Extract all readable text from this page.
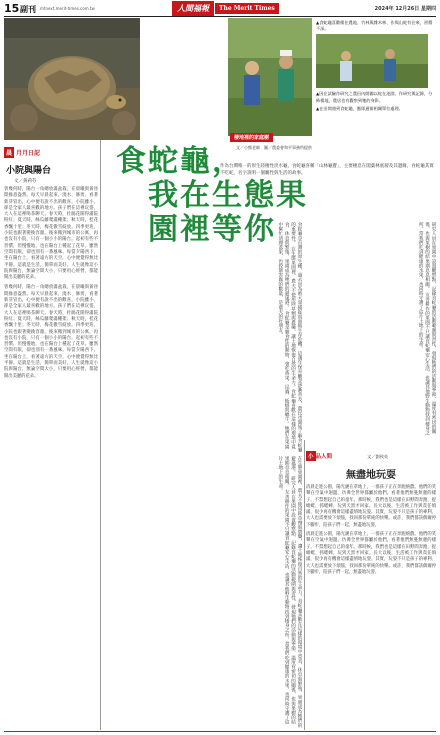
15 副刊 mtnext.merit-times.com.tw	人間福報	The Merit Times	2024年 12月26日 星期四
棲地裡的家庭樹
文／小熊老師　圖／農委會和平事務所提供

▲食蛇龜喜歡棲住農地、竹林與雜木林、作與山蛇有往來，習慣不深。

▲因在試驗作研究之農田內開闢以蛇在池園，作研究與記錄，分佈棲地，農居也有觀察到牠的身影。

▲在田間遇到食蛇龜，應即通報相關單位處理。

食蛇龜，
我在生態果園裡等你
作為台灣唯一的原生陸棲性淡水龜，食蛇龜喜稱「山林龜寶」，主要棲息在闊葉林底層及其邊緣，食蛇龜其實不吃蛇，名字說明一個屬性與生活的故事。
晨 月月日記
小院與陽台
文／黃莉芬
曾幾何時，陽台一角總放滿盆栽，在晨曦與黃昏間綠意盎然。每天早晨起來，澆水、修剪，看著新芽冒出，心中便有說不出的歡喜。小院雖小，卻是全家人最喜歡的地方。孩子們在這裡玩耍，大人在這裡喝茶聊天。春天時，杜鵑花開得滿院粉紅；夏天時，絲瓜藤爬滿棚架；秋天時，桂花香飄十里；冬天時，梅花傲雪綻放。四季更迭，小院也跟著變換容顏。後來搬到城市的公寓，再也沒有小院，只有一個小小的陽台。起初有些不習慣，但慢慢地，也在陽台上種起了花草。雖然空間有限，卻也別有一番風味。每當夕陽西下，坐在陽台上，看著遠方的天空，心中便覺得無比平靜。這就是生活，簡單而美好。人生就像這小院與陽台，無論空間大小，只要用心經營，都能開出美麗的花朵。
曾幾何時，陽台一角總放滿盆栽，在晨曦與黃昏間綠意盎然。每天早晨起來，澆水、修剪，看著新芽冒出，心中便有說不出的歡喜。小院雖小，卻是全家人最喜歡的地方。孩子們在這裡玩耍，大人在這裡喝茶聊天。春天時，杜鵑花開得滿院粉紅；夏天時，絲瓜藤爬滿棚架；秋天時，桂花香飄十里；冬天時，梅花傲雪綻放。四季更迭，小院也跟著變換容顏。後來搬到城市的公寓，再也沒有小院，只有一個小小的陽台。起初有些不習慣，但慢慢地，也在陽台上種起了花草。雖然空間有限，卻也別有一番風味。每當夕陽西下，坐在陽台上，看著遠方的天空，心中便覺得無比平靜。這就是生活，簡單而美好。人生就像這小院與陽台，無論空間大小，只要用心經營，都能開出美麗的花朵。	食蛇龜是台灣的原生種，過去因為被大量捕捉而面臨生存危機。這幾年保育觀念逐漸普及，農民也開始了解食蛇龜的重要性。 在生態果園裡，農夫不使用除草劑與農藥，讓土地恢復自然的生命力。食蛇龜喜歡在這樣的環境中覓食、休息與繁殖，果園成為牠們的避風港。 食蛇龜是雜食性的動物，會吃落果、昆蟲、蚯蚓與蝸牛。牠們在果園中幫忙清理落果，也控制害蟲的數量，是農夫的好朋友。	研究人員在果園中設置觀察點，記錄食蛇龜的活動範圍與習性，發現牠們的活動與季節、溫度有密切的關係，也與果樹的結果期息息相關。 友善耕作的果園不只讓食蛇龜安心生活，也讓其他野生動物找到棲身之所。當我們吃到健康的水果，也同時守護了這片土地上的生命。
在生態果園裡，農夫不使用除草劑與農藥，讓土地恢復自然的生命力。食蛇龜喜歡在這樣的環境中覓食、休息與繁殖，果園成為牠們的避風港。 研究人員在果園中設置觀察點，記錄食蛇龜的活動範圍與習性，發現牠們的活動與季節、溫度有密切的關係，也與果樹的結果期息息相關。 友善耕作的果園不只讓食蛇龜安心生活，也讓其他野生動物找到棲身之所。當我們吃到健康的水果，也同時守護了這片土地上的生命。	小 品人間	文／劉致英
無盡地玩耍
清晨走進公園，陽光灑在草地上，一群孩子正在奔跑嬉戲。他們的笑聲在空氣中迴盪，彷彿全世界都屬於他們。看著他們無憂無慮的樣子，不禁想起自己的童年。那時候，我們也是這樣在田野間奔跑，捉蜻蜓、抓蟋蟀，玩到天黑才回家。長大以後，生活被工作與責任填滿，很少再有機會這樣盡情地玩耍。其實，玩耍不只是孩子的專利，大人也需要放下煩惱，找回那份單純的快樂。或許，我們都該偶爾停下腳步，陪孩子們一起，無盡地玩耍。
清晨走進公園，陽光灑在草地上，一群孩子正在奔跑嬉戲。他們的笑聲在空氣中迴盪，彷彿全世界都屬於他們。看著他們無憂無慮的樣子，不禁想起自己的童年。那時候，我們也是這樣在田野間奔跑，捉蜻蜓、抓蟋蟀，玩到天黑才回家。長大以後，生活被工作與責任填滿，很少再有機會這樣盡情地玩耍。其實，玩耍不只是孩子的專利，大人也需要放下煩惱，找回那份單純的快樂。或許，我們都該偶爾停下腳步，陪孩子們一起，無盡地玩耍。
